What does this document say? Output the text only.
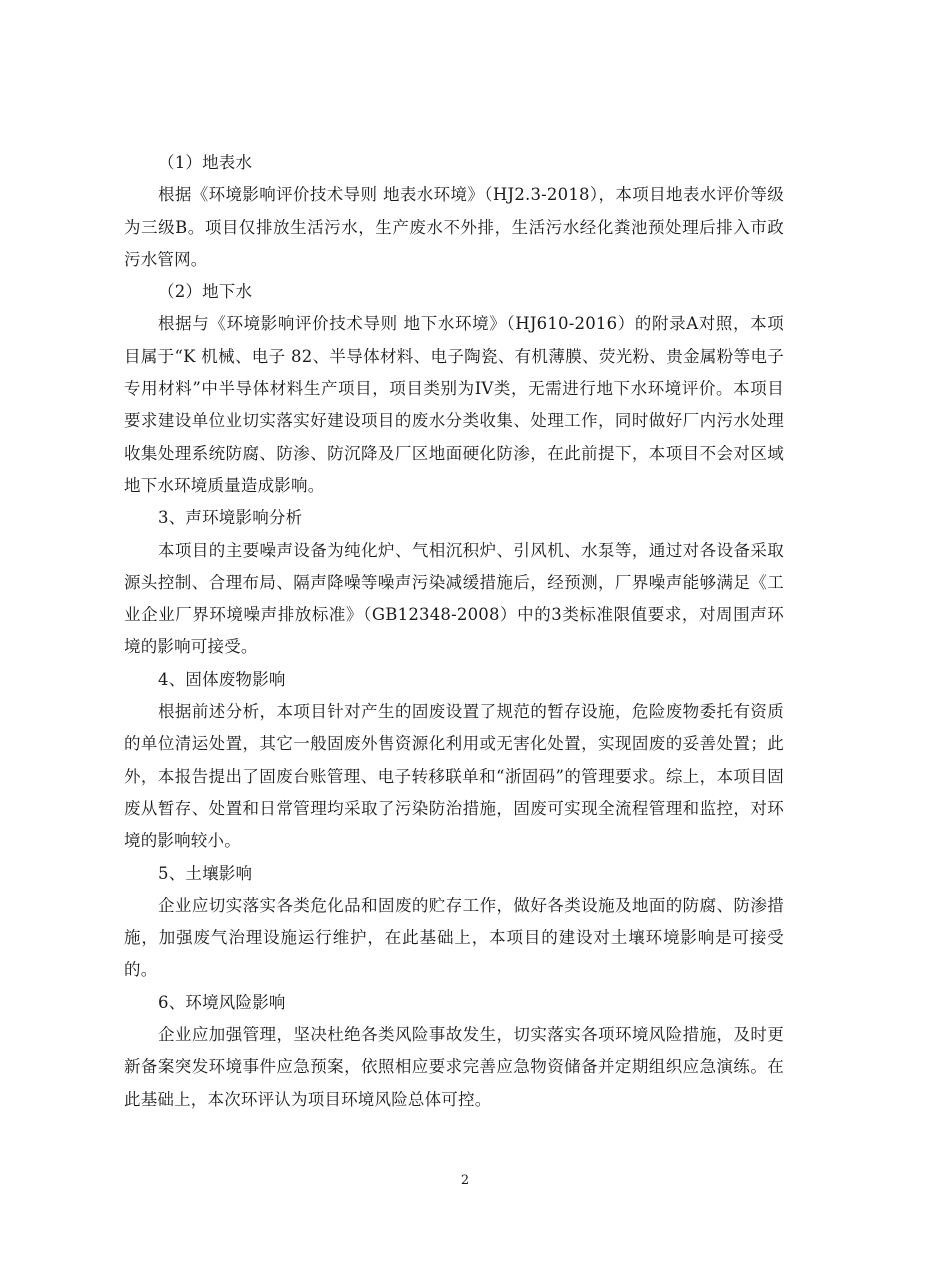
（1）地表水

根据《环境影响评价技术导则 地表水环境》（HJ2.3-2018），本项目地表水评价等级为三级B。项目仅排放生活污水，生产废水不外排，生活污水经化粪池预处理后排入市政污水管网。

（2）地下水

根据与《环境影响评价技术导则 地下水环境》（HJ610-2016）的附录A对照，本项目属于“K 机械、电子 82、半导体材料、电子陶瓷、有机薄膜、荧光粉、贵金属粉等电子专用材料”中半导体材料生产项目，项目类别为IV类，无需进行地下水环境评价。本项目要求建设单位业切实落实好建设项目的废水分类收集、处理工作，同时做好厂内污水处理收集处理系统防腐、防渗、防沉降及厂区地面硬化防渗，在此前提下，本项目不会对区域地下水环境质量造成影响。

3、声环境影响分析

本项目的主要噪声设备为纯化炉、气相沉积炉、引风机、水泵等，通过对各设备采取源头控制、合理布局、隔声降噪等噪声污染减缓措施后，经预测，厂界噪声能够满足《工业企业厂界环境噪声排放标准》（GB12348-2008）中的3类标准限值要求，对周围声环境的影响可接受。

4、固体废物影响

根据前述分析，本项目针对产生的固废设置了规范的暂存设施，危险废物委托有资质的单位清运处置，其它一般固废外售资源化利用或无害化处置，实现固废的妥善处置；此外，本报告提出了固废台账管理、电子转移联单和“浙固码”的管理要求。综上，本项目固废从暂存、处置和日常管理均采取了污染防治措施，固废可实现全流程管理和监控，对环境的影响较小。

5、土壤影响

企业应切实落实各类危化品和固废的贮存工作，做好各类设施及地面的防腐、防渗措施，加强废气治理设施运行维护，在此基础上，本项目的建设对土壤环境影响是可接受的。

6、环境风险影响

企业应加强管理，坚决杜绝各类风险事故发生，切实落实各项环境风险措施，及时更新备案突发环境事件应急预案，依照相应要求完善应急物资储备并定期组织应急演练。在此基础上，本次环评认为项目环境风险总体可控。

2
